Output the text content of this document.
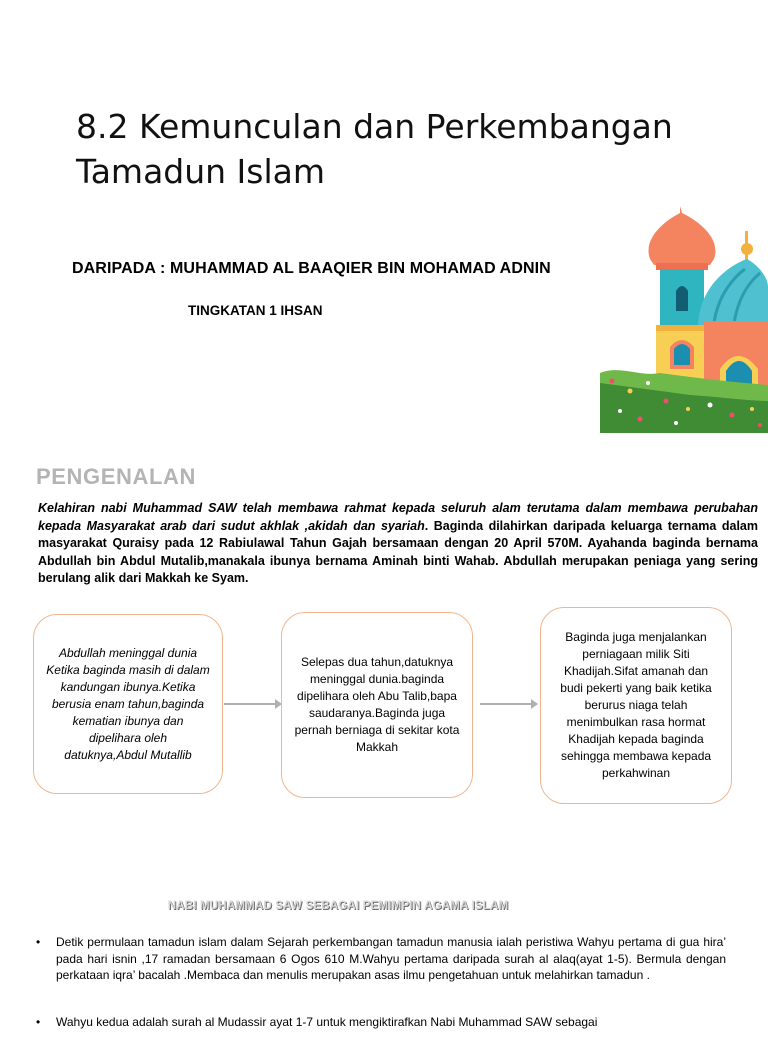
8.2 Kemunculan dan Perkembangan Tamadun Islam
DARIPADA : MUHAMMAD AL BAAQIER BIN MOHAMAD ADNIN
TINGKATAN 1 IHSAN
PENGENALAN

Kelahiran nabi Muhammad SAW telah membawa rahmat kepada seluruh alam terutama dalam membawa perubahan kepada Masyarakat arab dari sudut akhlak ,akidah dan syariah. Baginda dilahirkan daripada keluarga ternama dalam masyarakat Quraisy pada 12 Rabiulawal Tahun Gajah bersamaan dengan 20 April 570M. Ayahanda baginda bernama Abdullah bin Abdul Mutalib,manakala ibunya bernama Aminah binti Wahab. Abdullah merupakan peniaga yang sering berulang alik dari Makkah ke Syam.

Abdullah meninggal dunia Ketika baginda masih di dalam kandungan ibunya.Ketika berusia enam tahun,baginda kematian ibunya dan dipelihara oleh datuknya,Abdul Mutallib
Selepas dua tahun,datuknya meninggal dunia.baginda dipelihara oleh Abu Talib,bapa saudaranya.Baginda juga pernah berniaga di sekitar kota Makkah
Baginda juga menjalankan perniagaan milik Siti Khadijah.Sifat amanah dan budi pekerti yang baik ketika berurus niaga telah menimbulkan rasa hormat Khadijah kepada baginda sehingga membawa kepada perkahwinan
NABI MUHAMMAD SAW SEBAGAI PEMIMPIN AGAMA ISLAM
• Detik permulaan tamadun islam dalam Sejarah perkembangan tamadun manusia ialah peristiwa Wahyu pertama di gua hira’ pada hari isnin ,17 ramadan bersamaan 6 Ogos 610 M.Wahyu pertama daripada surah al alaq(ayat 1-5). Bermula dengan perkataan iqra’ bacalah .Membaca dan menulis merupakan asas ilmu pengetahuan untuk melahirkan tamadun .
• Wahyu kedua adalah surah al Mudassir ayat 1-7 untuk mengiktirafkan Nabi Muhammad SAW sebagai
